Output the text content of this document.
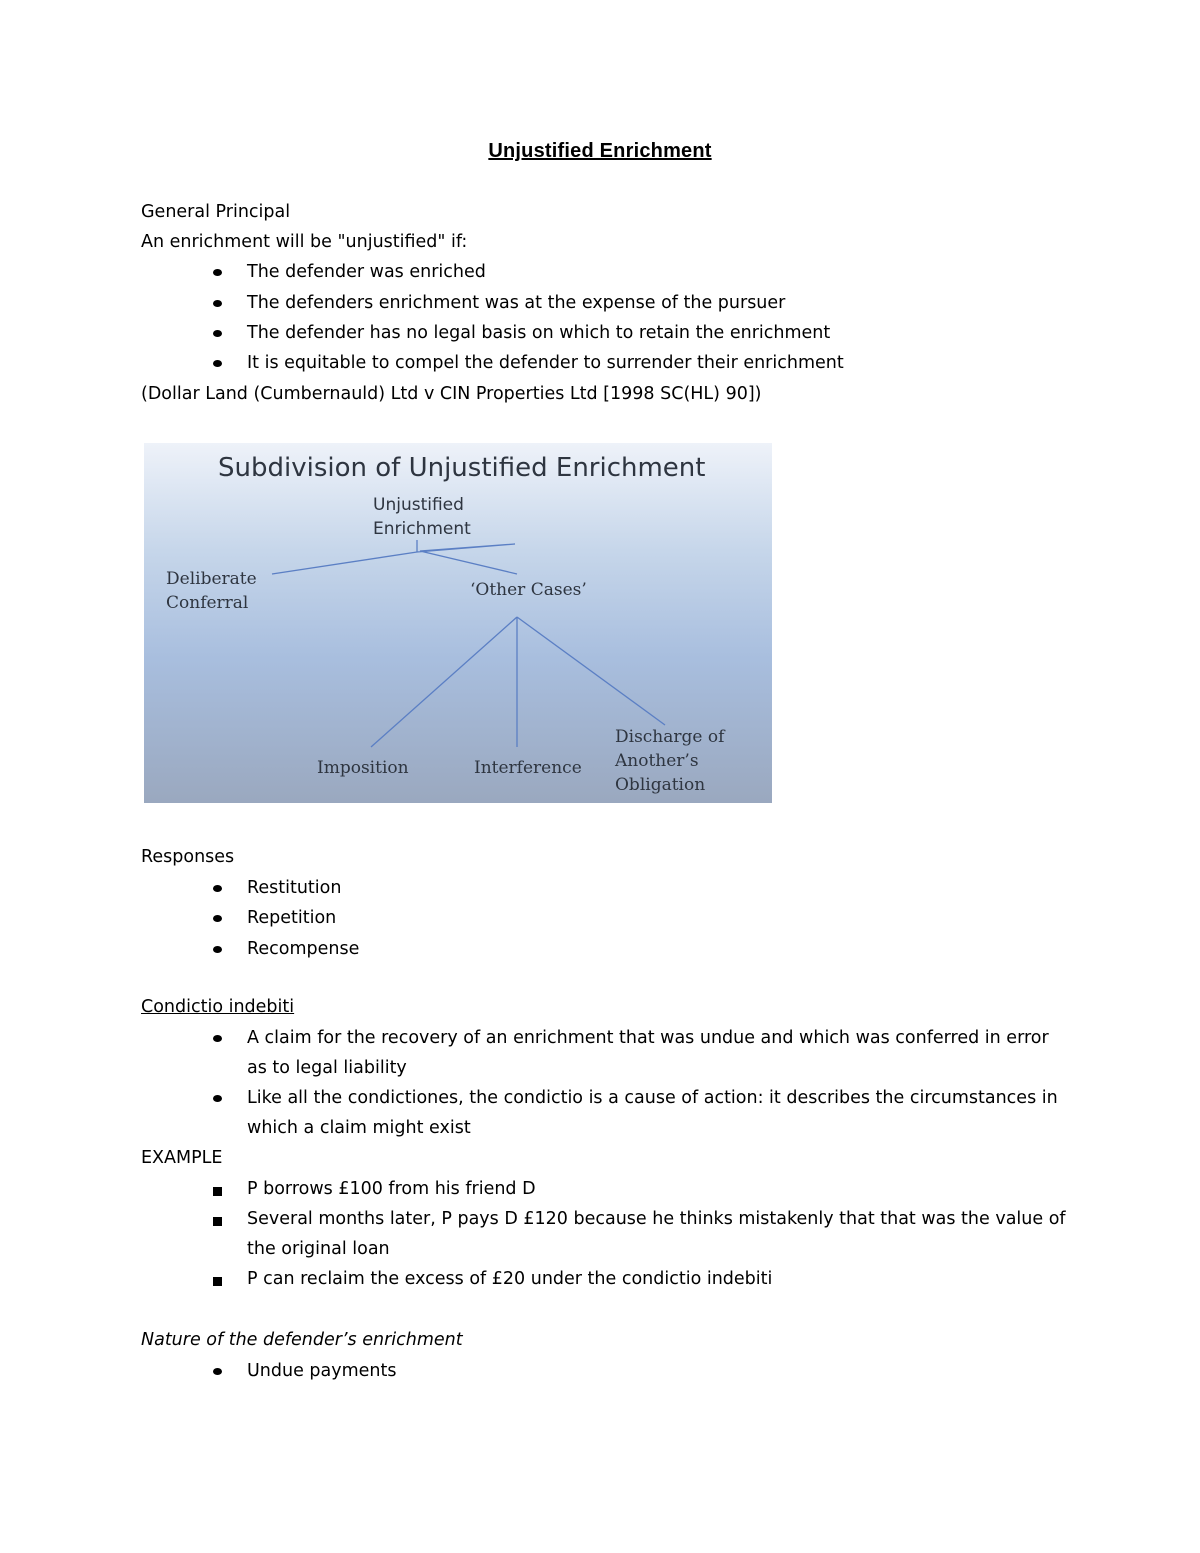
Unjustified Enrichment
General Principal
An enrichment will be "unjustified" if:
The defender was enriched
The defenders enrichment was at the expense of the pursuer
The defender has no legal basis on which to retain the enrichment
It is equitable to compel the defender to surrender their enrichment
(Dollar Land (Cumbernauld) Ltd v CIN Properties Ltd [1998 SC(HL) 90])
Subdivision of Unjustified Enrichment
Unjustified
Enrichment
Deliberate
Conferral
‘Other Cases’
Imposition	Interference
Discharge of
Another’s
Obligation
Responses
Restitution
Repetition
Recompense
Condictio indebiti
A claim for the recovery of an enrichment that was undue and which was conferred in error
as to legal liability
Like all the condictiones, the condictio is a cause of action: it describes the circumstances in
which a claim might exist
EXAMPLE
P borrows £100 from his friend D
Several months later, P pays D £120 because he thinks mistakenly that that was the value of
the original loan
P can reclaim the excess of £20 under the condictio indebiti
Nature of the defender’s enrichment
Undue payments
